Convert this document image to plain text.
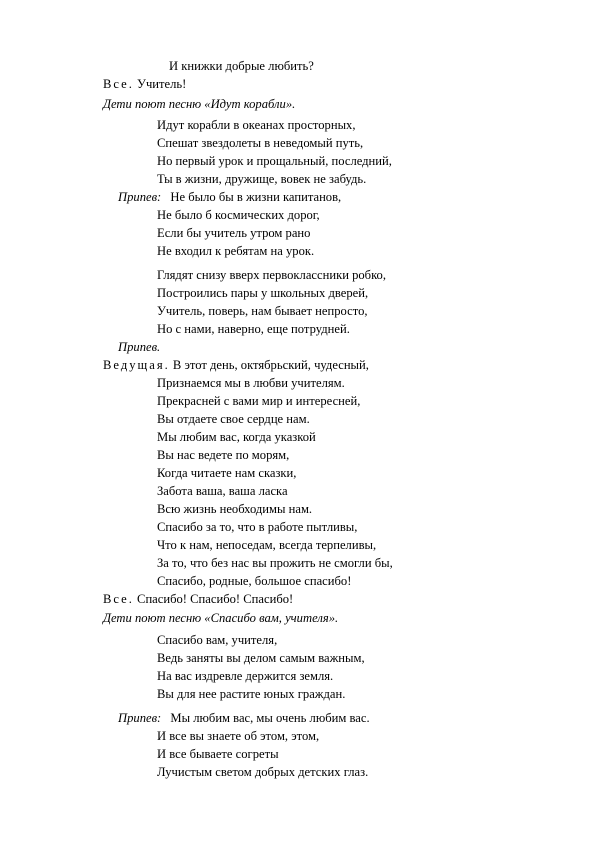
И книжки добрые любить?
Все. Учитель!
Дети поют песню «Идут корабли».
Идут корабли в океанах просторных,
Спешат звездолеты в неведомый путь,
Но первый урок и прощальный, последний,
Ты в жизни, дружище, вовек не забудь.
Припев: Не было бы в жизни капитанов,
Не было б космических дорог,
Если бы учитель утром рано
Не входил к ребятам на урок.
Глядят снизу вверх первоклассники робко,
Построились пары у школьных дверей,
Учитель, поверь, нам бывает непросто,
Но с нами, наверно, еще потрудней.
Припев.
Ведущая. В этот день, октябрьский, чудесный,
Признаемся мы в любви учителям.
Прекрасней с вами мир и интересней,
Вы отдаете свое сердце нам.
Мы любим вас, когда указкой
Вы нас ведете по морям,
Когда читаете нам сказки,
Забота ваша, ваша ласка
Всю жизнь необходимы нам.
Спасибо за то, что в работе пытливы,
Что к нам, непоседам, всегда терпеливы,
За то, что без нас вы прожить не смогли бы,
Спасибо, родные, большое спасибо!
Все. Спасибо! Спасибо! Спасибо!
Дети поют песню «Спасибо вам, учителя».
Спасибо вам, учителя,
Ведь заняты вы делом самым важным,
На вас издревле держится земля.
Вы для нее растите юных граждан.
Припев: Мы любим вас, мы очень любим вас.
И все вы знаете об этом, этом,
И все бываете согреты
Лучистым светом добрых детских глаз.
